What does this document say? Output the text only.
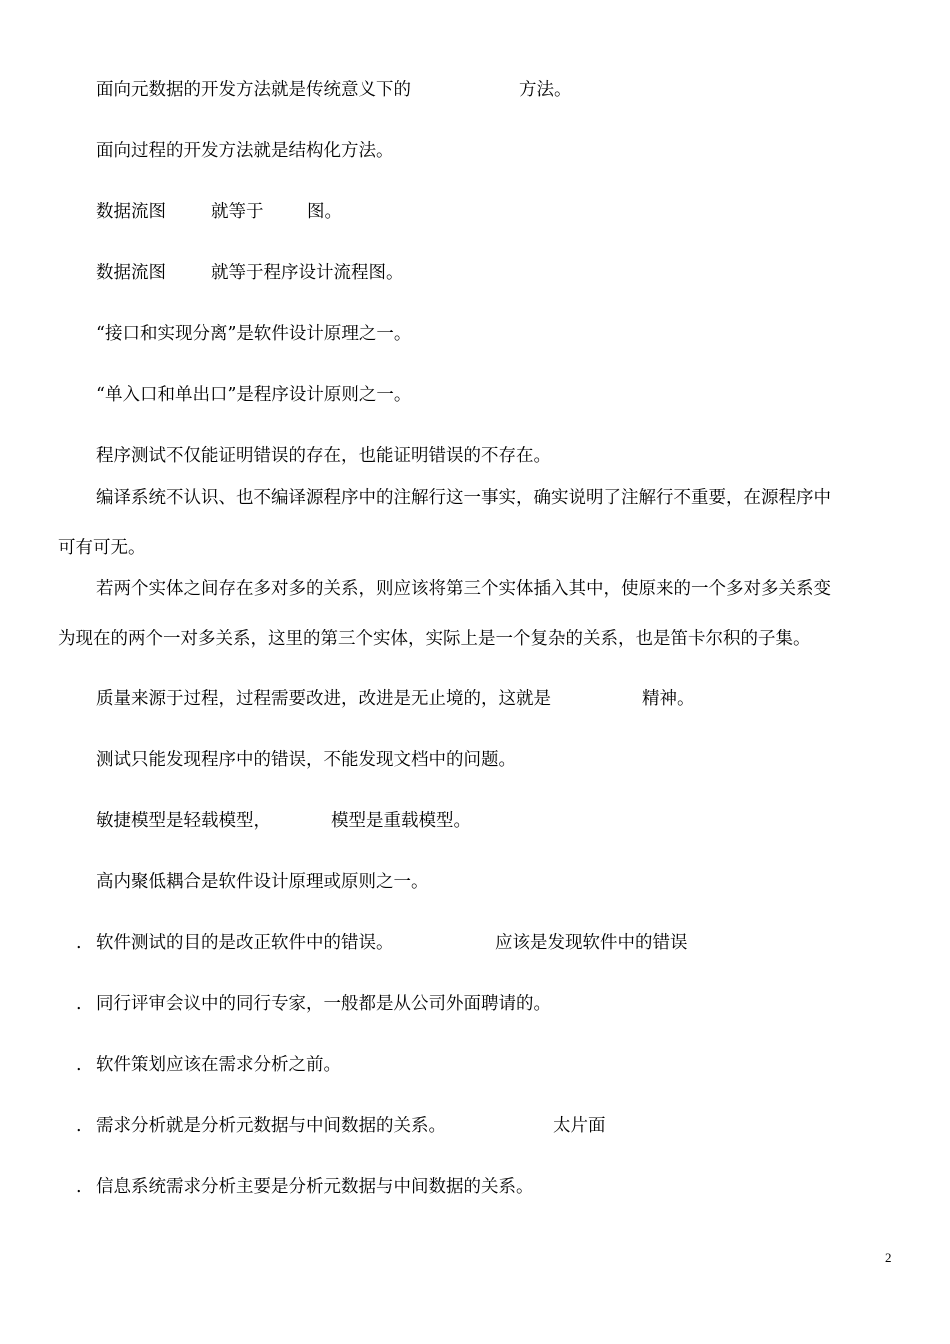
面向元数据的开发方法就是传统意义下的

	方法。

面向过程的开发方法就是结构化方法。

数据流图

	就等于

图。

数据流图

	就等于程序设计流程图。

“接口和实现分离”是软件设计原理之一。

“单入口和单出口”是程序设计原则之一。

程序测试不仅能证明错误的存在，也能证明错误的不存在。

编译系统不认识、也不编译源程序中的注解行这一事实，确实说明了注解行不重要，在源程序中

可有可无。

若两个实体之间存在多对多的关系，则应该将第三个实体插入其中，使原来的一个多对多关系变

为现在的两个一对多关系，这里的第三个实体，实际上是一个复杂的关系，也是笛卡尔积的子集。

质量来源于过程，过程需要改进，改进是无止境的，这就是

	精神。

测试只能发现程序中的错误，不能发现文档中的问题。

敏捷模型是轻载模型，

	模型是重载模型。

高内聚低耦合是软件设计原理或原则之一。

.

软件测试的目的是改正软件中的错误。

	应该是发现软件中的错误

.

同行评审会议中的同行专家，一般都是从公司外面聘请的。

.

软件策划应该在需求分析之前。

.

需求分析就是分析元数据与中间数据的关系。

	太片面

.

信息系统需求分析主要是分析元数据与中间数据的关系。

2
